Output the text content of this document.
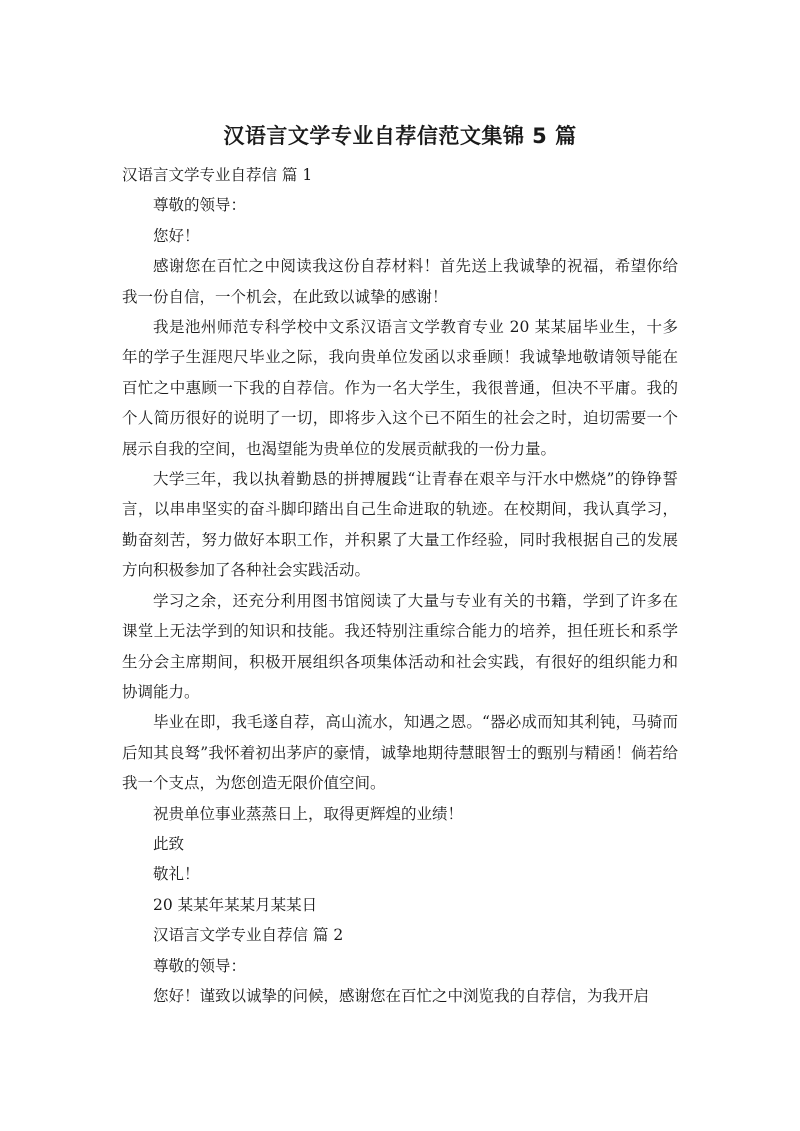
汉语言文学专业自荐信范文集锦 5 篇

汉语言文学专业自荐信 篇 1

尊敬的领导：

您好！

感谢您在百忙之中阅读我这份自荐材料！首先送上我诚挚的祝福，希望你给我一份自信，一个机会，在此致以诚挚的感谢！

我是池州师范专科学校中文系汉语言文学教育专业 20 某某届毕业生，十多年的学子生涯咫尺毕业之际，我向贵单位发函以求垂顾！我诚挚地敬请领导能在百忙之中惠顾一下我的自荐信。作为一名大学生，我很普通，但决不平庸。我的个人简历很好的说明了一切，即将步入这个已不陌生的社会之时，迫切需要一个展示自我的空间，也渴望能为贵单位的发展贡献我的一份力量。

大学三年，我以执着勤恳的拼搏履践“让青春在艰辛与汗水中燃烧”的铮铮誓言，以串串坚实的奋斗脚印踏出自己生命进取的轨迹。在校期间，我认真学习，勤奋刻苦，努力做好本职工作，并积累了大量工作经验，同时我根据自己的发展方向积极参加了各种社会实践活动。

学习之余，还充分利用图书馆阅读了大量与专业有关的书籍，学到了许多在课堂上无法学到的知识和技能。我还特别注重综合能力的培养，担任班长和系学生分会主席期间，积极开展组织各项集体活动和社会实践，有很好的组织能力和协调能力。

毕业在即，我毛遂自荐，高山流水，知遇之恩。“器必成而知其利钝，马骑而后知其良驽”我怀着初出茅庐的豪情，诚挚地期待慧眼智士的甄别与精函！倘若给我一个支点，为您创造无限价值空间。

祝贵单位事业蒸蒸日上，取得更辉煌的业绩！

此致

敬礼！

20 某某年某某月某某日

汉语言文学专业自荐信 篇 2

尊敬的领导：

您好！谨致以诚挚的问候，感谢您在百忙之中浏览我的自荐信，为我开启
